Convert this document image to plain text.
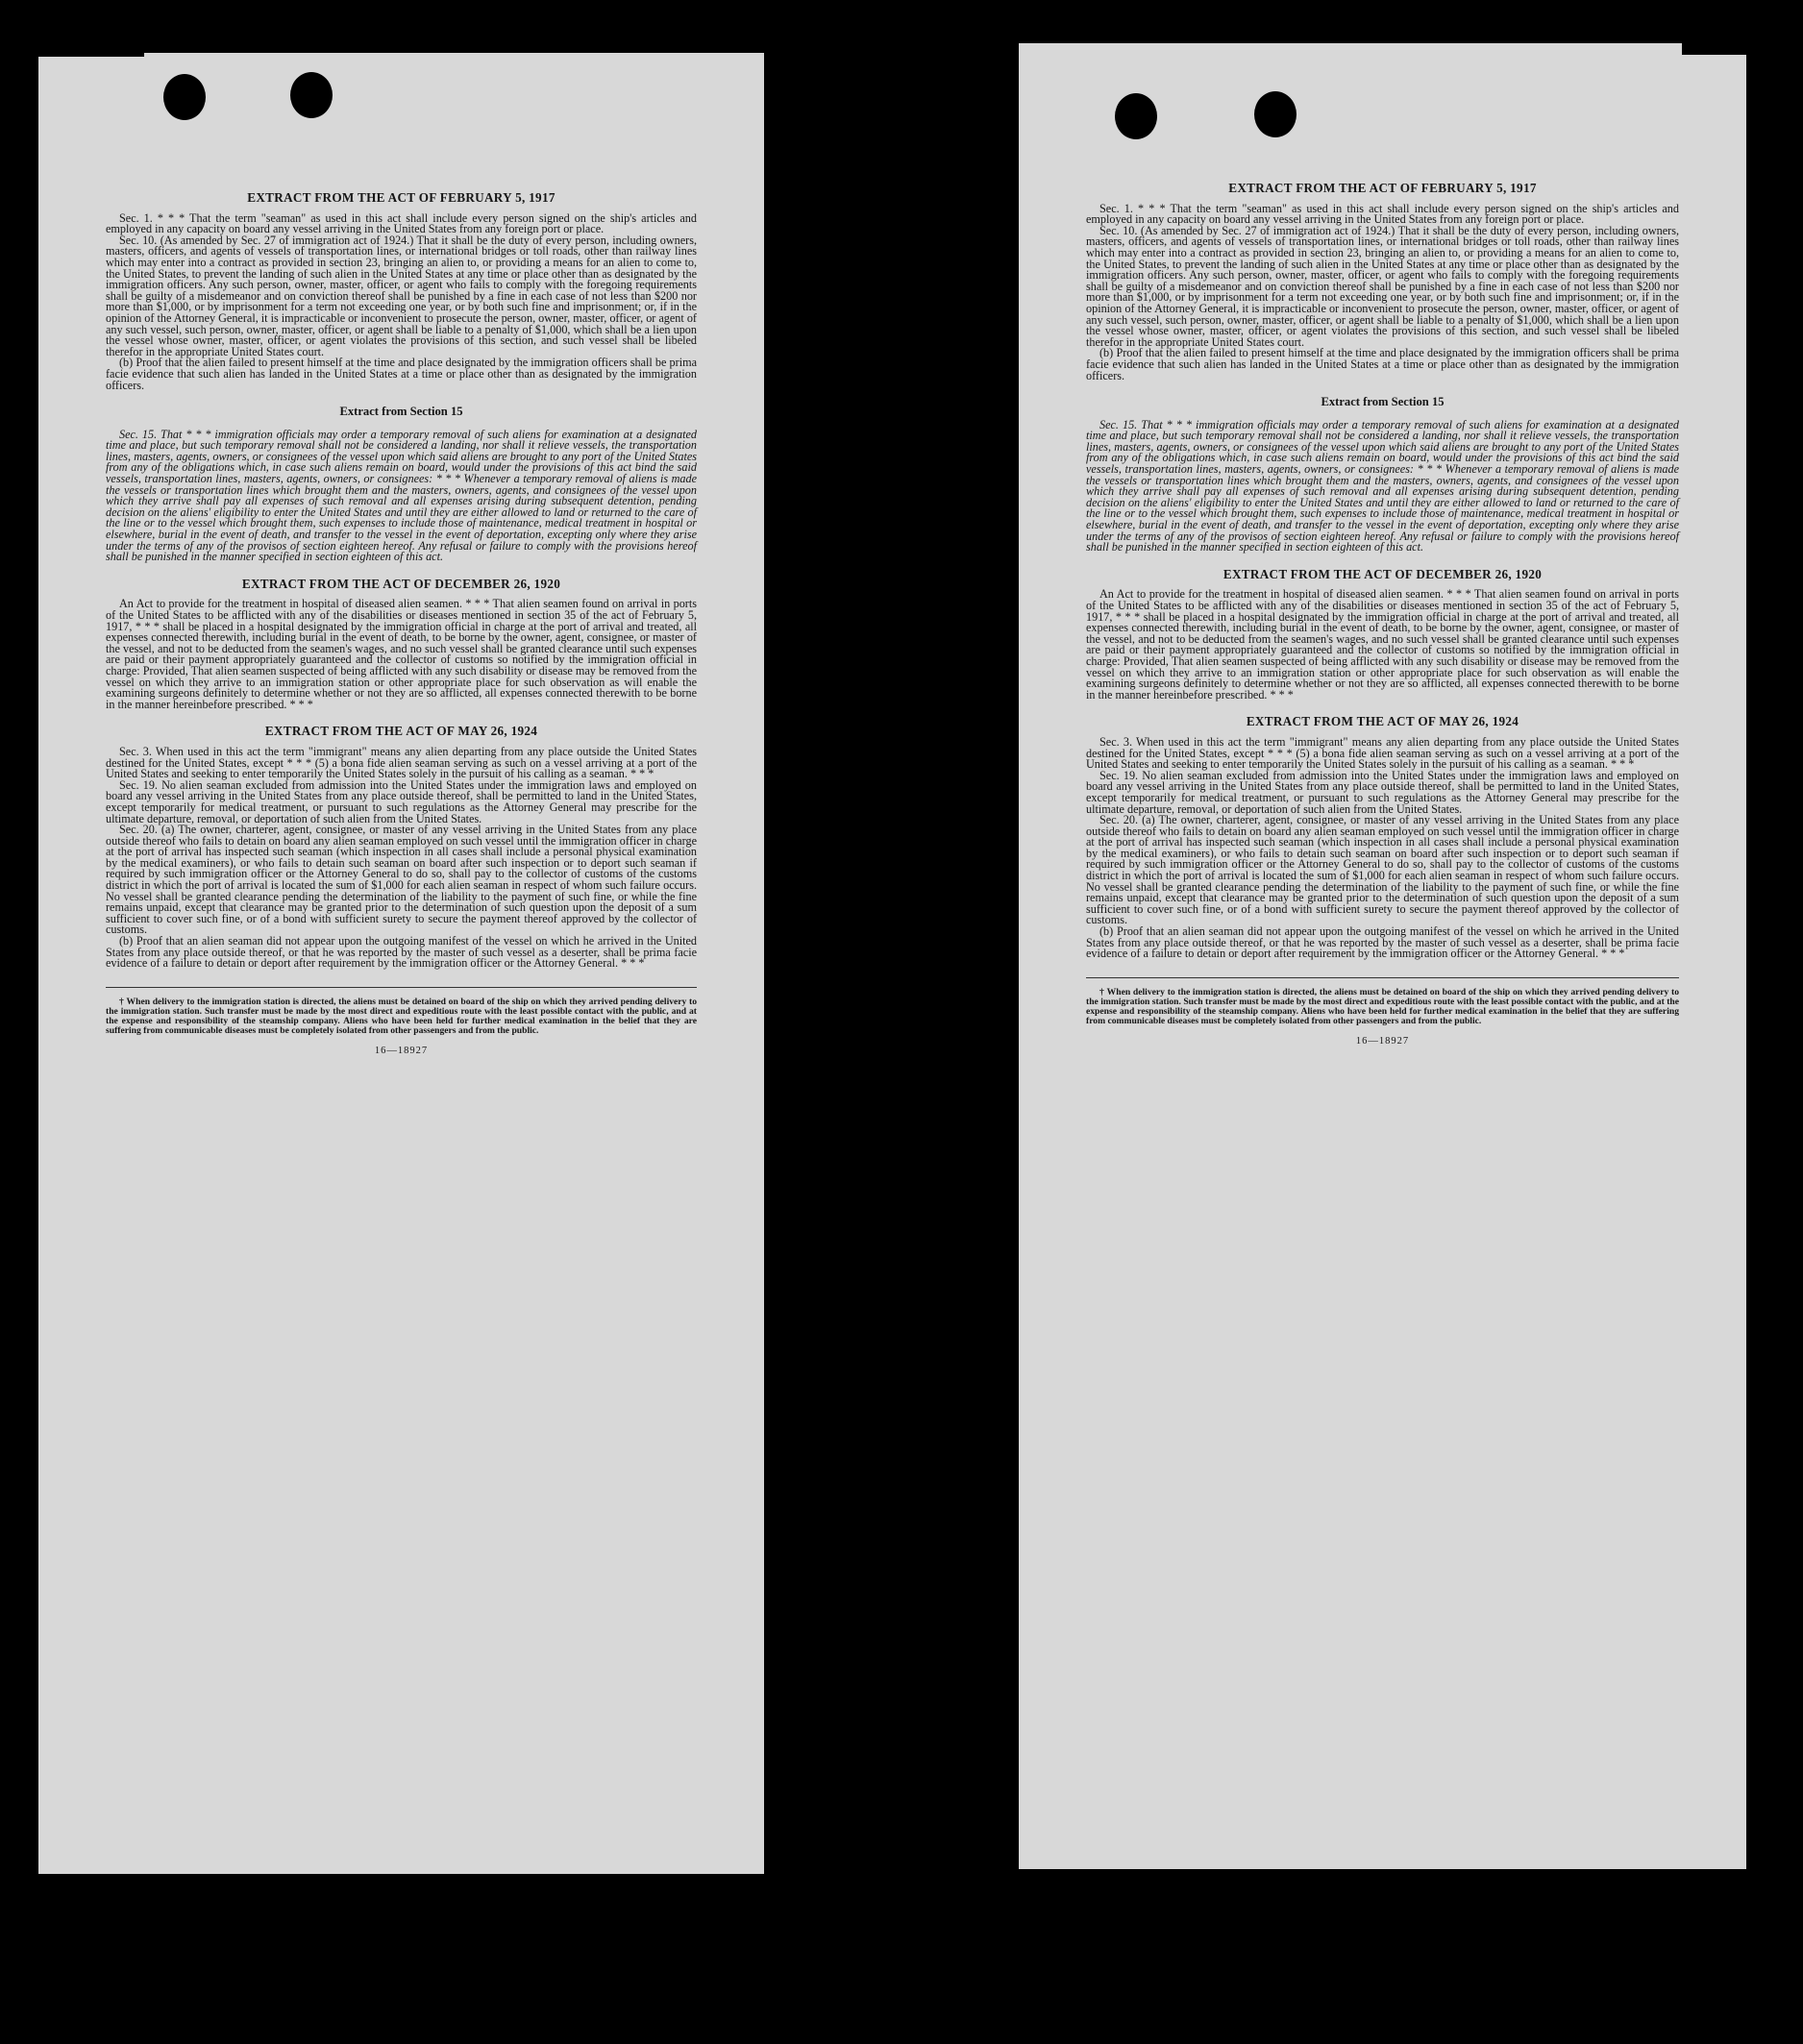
EXTRACT FROM THE ACT OF FEBRUARY 5, 1917

Sec. 1. * * * That the term "seaman" as used in this act shall include every person signed on the ship's articles and employed in any capacity on board any vessel arriving in the United States from any foreign port or place.

Sec. 10. (As amended by Sec. 27 of immigration act of 1924.) That it shall be the duty of every person, including owners, masters, officers, and agents of vessels of transportation lines, or international bridges or toll roads, other than railway lines which may enter into a contract as provided in section 23, bringing an alien to, or providing a means for an alien to come to, the United States, to prevent the landing of such alien in the United States at any time or place other than as designated by the immigration officers. Any such person, owner, master, officer, or agent who fails to comply with the foregoing requirements shall be guilty of a misdemeanor and on conviction thereof shall be punished by a fine in each case of not less than $200 nor more than $1,000, or by imprisonment for a term not exceeding one year, or by both such fine and imprisonment; or, if in the opinion of the Attorney General, it is impracticable or inconvenient to prosecute the person, owner, master, officer, or agent of any such vessel, such person, owner, master, officer, or agent shall be liable to a penalty of $1,000, which shall be a lien upon the vessel whose owner, master, officer, or agent violates the provisions of this section, and such vessel shall be libeled therefor in the appropriate United States court.

(b) Proof that the alien failed to present himself at the time and place designated by the immigration officers shall be prima facie evidence that such alien has landed in the United States at a time or place other than as designated by the immigration officers.

Extract from Section 15

Sec. 15. That * * * immigration officials may order a temporary removal of such aliens for examination at a designated time and place, but such temporary removal shall not be considered a landing, nor shall it relieve vessels, the transportation lines, masters, agents, owners, or consignees of the vessel upon which said aliens are brought to any port of the United States from any of the obligations which, in case such aliens remain on board, would under the provisions of this act bind the said vessels, transportation lines, masters, agents, owners, or consignees: * * * Whenever a temporary removal of aliens is made the vessels or transportation lines which brought them and the masters, owners, agents, and consignees of the vessel upon which they arrive shall pay all expenses of such removal and all expenses arising during subsequent detention, pending decision on the aliens' eligibility to enter the United States and until they are either allowed to land or returned to the care of the line or to the vessel which brought them, such expenses to include those of maintenance, medical treatment in hospital or elsewhere, burial in the event of death, and transfer to the vessel in the event of deportation, excepting only where they arise under the terms of any of the provisos of section eighteen hereof. Any refusal or failure to comply with the provisions hereof shall be punished in the manner specified in section eighteen of this act.

EXTRACT FROM THE ACT OF DECEMBER 26, 1920

An Act to provide for the treatment in hospital of diseased alien seamen. * * * That alien seamen found on arrival in ports of the United States to be afflicted with any of the disabilities or diseases mentioned in section 35 of the act of February 5, 1917, * * * shall be placed in a hospital designated by the immigration official in charge at the port of arrival and treated, all expenses connected therewith, including burial in the event of death, to be borne by the owner, agent, consignee, or master of the vessel, and not to be deducted from the seamen's wages, and no such vessel shall be granted clearance until such expenses are paid or their payment appropriately guaranteed and the collector of customs so notified by the immigration official in charge: Provided, That alien seamen suspected of being afflicted with any such disability or disease may be removed from the vessel on which they arrive to an immigration station or other appropriate place for such observation as will enable the examining surgeons definitely to determine whether or not they are so afflicted, all expenses connected therewith to be borne in the manner hereinbefore prescribed. * * *

EXTRACT FROM THE ACT OF MAY 26, 1924

Sec. 3. When used in this act the term "immigrant" means any alien departing from any place outside the United States destined for the United States, except * * * (5) a bona fide alien seaman serving as such on a vessel arriving at a port of the United States and seeking to enter temporarily the United States solely in the pursuit of his calling as a seaman. * * *

Sec. 19. No alien seaman excluded from admission into the United States under the immigration laws and employed on board any vessel arriving in the United States from any place outside thereof, shall be permitted to land in the United States, except temporarily for medical treatment, or pursuant to such regulations as the Attorney General may prescribe for the ultimate departure, removal, or deportation of such alien from the United States.

Sec. 20. (a) The owner, charterer, agent, consignee, or master of any vessel arriving in the United States from any place outside thereof who fails to detain on board any alien seaman employed on such vessel until the immigration officer in charge at the port of arrival has inspected such seaman (which inspection in all cases shall include a personal physical examination by the medical examiners), or who fails to detain such seaman on board after such inspection or to deport such seaman if required by such immigration officer or the Attorney General to do so, shall pay to the collector of customs of the customs district in which the port of arrival is located the sum of $1,000 for each alien seaman in respect of whom such failure occurs. No vessel shall be granted clearance pending the determination of the liability to the payment of such fine, or while the fine remains unpaid, except that clearance may be granted prior to the determination of such question upon the deposit of a sum sufficient to cover such fine, or of a bond with sufficient surety to secure the payment thereof approved by the collector of customs.

(b) Proof that an alien seaman did not appear upon the outgoing manifest of the vessel on which he arrived in the United States from any place outside thereof, or that he was reported by the master of such vessel as a deserter, shall be prima facie evidence of a failure to detain or deport after requirement by the immigration officer or the Attorney General. * * *

† When delivery to the immigration station is directed, the aliens must be detained on board of the ship on which they arrived pending delivery to the immigration station. Such transfer must be made by the most direct and expeditious route with the least possible contact with the public, and at the expense and responsibility of the steamship company. Aliens who have been held for further medical examination in the belief that they are suffering from communicable diseases must be completely isolated from other passengers and from the public.

16—18927
EXTRACT FROM THE ACT OF FEBRUARY 5, 1917

Sec. 1. * * * That the term "seaman" as used in this act shall include every person signed on the ship's articles and employed in any capacity on board any vessel arriving in the United States from any foreign port or place.

Sec. 10. (As amended by Sec. 27 of immigration act of 1924.) That it shall be the duty of every person, including owners, masters, officers, and agents of vessels of transportation lines, or international bridges or toll roads, other than railway lines which may enter into a contract as provided in section 23, bringing an alien to, or providing a means for an alien to come to, the United States, to prevent the landing of such alien in the United States at any time or place other than as designated by the immigration officers. Any such person, owner, master, officer, or agent who fails to comply with the foregoing requirements shall be guilty of a misdemeanor and on conviction thereof shall be punished by a fine in each case of not less than $200 nor more than $1,000, or by imprisonment for a term not exceeding one year, or by both such fine and imprisonment; or, if in the opinion of the Attorney General, it is impracticable or inconvenient to prosecute the person, owner, master, officer, or agent of any such vessel, such person, owner, master, officer, or agent shall be liable to a penalty of $1,000, which shall be a lien upon the vessel whose owner, master, officer, or agent violates the provisions of this section, and such vessel shall be libeled therefor in the appropriate United States court.

(b) Proof that the alien failed to present himself at the time and place designated by the immigration officers shall be prima facie evidence that such alien has landed in the United States at a time or place other than as designated by the immigration officers.

Extract from Section 15

Sec. 15. That * * * immigration officials may order a temporary removal of such aliens for examination at a designated time and place, but such temporary removal shall not be considered a landing, nor shall it relieve vessels, the transportation lines, masters, agents, owners, or consignees of the vessel upon which said aliens are brought to any port of the United States from any of the obligations which, in case such aliens remain on board, would under the provisions of this act bind the said vessels, transportation lines, masters, agents, owners, or consignees: * * * Whenever a temporary removal of aliens is made the vessels or transportation lines which brought them and the masters, owners, agents, and consignees of the vessel upon which they arrive shall pay all expenses of such removal and all expenses arising during subsequent detention, pending decision on the aliens' eligibility to enter the United States and until they are either allowed to land or returned to the care of the line or to the vessel which brought them, such expenses to include those of maintenance, medical treatment in hospital or elsewhere, burial in the event of death, and transfer to the vessel in the event of deportation, excepting only where they arise under the terms of any of the provisos of section eighteen hereof. Any refusal or failure to comply with the provisions hereof shall be punished in the manner specified in section eighteen of this act.

EXTRACT FROM THE ACT OF DECEMBER 26, 1920

An Act to provide for the treatment in hospital of diseased alien seamen. * * * That alien seamen found on arrival in ports of the United States to be afflicted with any of the disabilities or diseases mentioned in section 35 of the act of February 5, 1917, * * * shall be placed in a hospital designated by the immigration official in charge at the port of arrival and treated, all expenses connected therewith, including burial in the event of death, to be borne by the owner, agent, consignee, or master of the vessel, and not to be deducted from the seamen's wages, and no such vessel shall be granted clearance until such expenses are paid or their payment appropriately guaranteed and the collector of customs so notified by the immigration official in charge: Provided, That alien seamen suspected of being afflicted with any such disability or disease may be removed from the vessel on which they arrive to an immigration station or other appropriate place for such observation as will enable the examining surgeons definitely to determine whether or not they are so afflicted, all expenses connected therewith to be borne in the manner hereinbefore prescribed. * * *

EXTRACT FROM THE ACT OF MAY 26, 1924

Sec. 3. When used in this act the term "immigrant" means any alien departing from any place outside the United States destined for the United States, except * * * (5) a bona fide alien seaman serving as such on a vessel arriving at a port of the United States and seeking to enter temporarily the United States solely in the pursuit of his calling as a seaman. * * *

Sec. 19. No alien seaman excluded from admission into the United States under the immigration laws and employed on board any vessel arriving in the United States from any place outside thereof, shall be permitted to land in the United States, except temporarily for medical treatment, or pursuant to such regulations as the Attorney General may prescribe for the ultimate departure, removal, or deportation of such alien from the United States.

Sec. 20. (a) The owner, charterer, agent, consignee, or master of any vessel arriving in the United States from any place outside thereof who fails to detain on board any alien seaman employed on such vessel until the immigration officer in charge at the port of arrival has inspected such seaman (which inspection in all cases shall include a personal physical examination by the medical examiners), or who fails to detain such seaman on board after such inspection or to deport such seaman if required by such immigration officer or the Attorney General to do so, shall pay to the collector of customs of the customs district in which the port of arrival is located the sum of $1,000 for each alien seaman in respect of whom such failure occurs. No vessel shall be granted clearance pending the determination of the liability to the payment of such fine, or while the fine remains unpaid, except that clearance may be granted prior to the determination of such question upon the deposit of a sum sufficient to cover such fine, or of a bond with sufficient surety to secure the payment thereof approved by the collector of customs.

(b) Proof that an alien seaman did not appear upon the outgoing manifest of the vessel on which he arrived in the United States from any place outside thereof, or that he was reported by the master of such vessel as a deserter, shall be prima facie evidence of a failure to detain or deport after requirement by the immigration officer or the Attorney General. * * *

† When delivery to the immigration station is directed, the aliens must be detained on board of the ship on which they arrived pending delivery to the immigration station. Such transfer must be made by the most direct and expeditious route with the least possible contact with the public, and at the expense and responsibility of the steamship company. Aliens who have been held for further medical examination in the belief that they are suffering from communicable diseases must be completely isolated from other passengers and from the public.

16—18927
